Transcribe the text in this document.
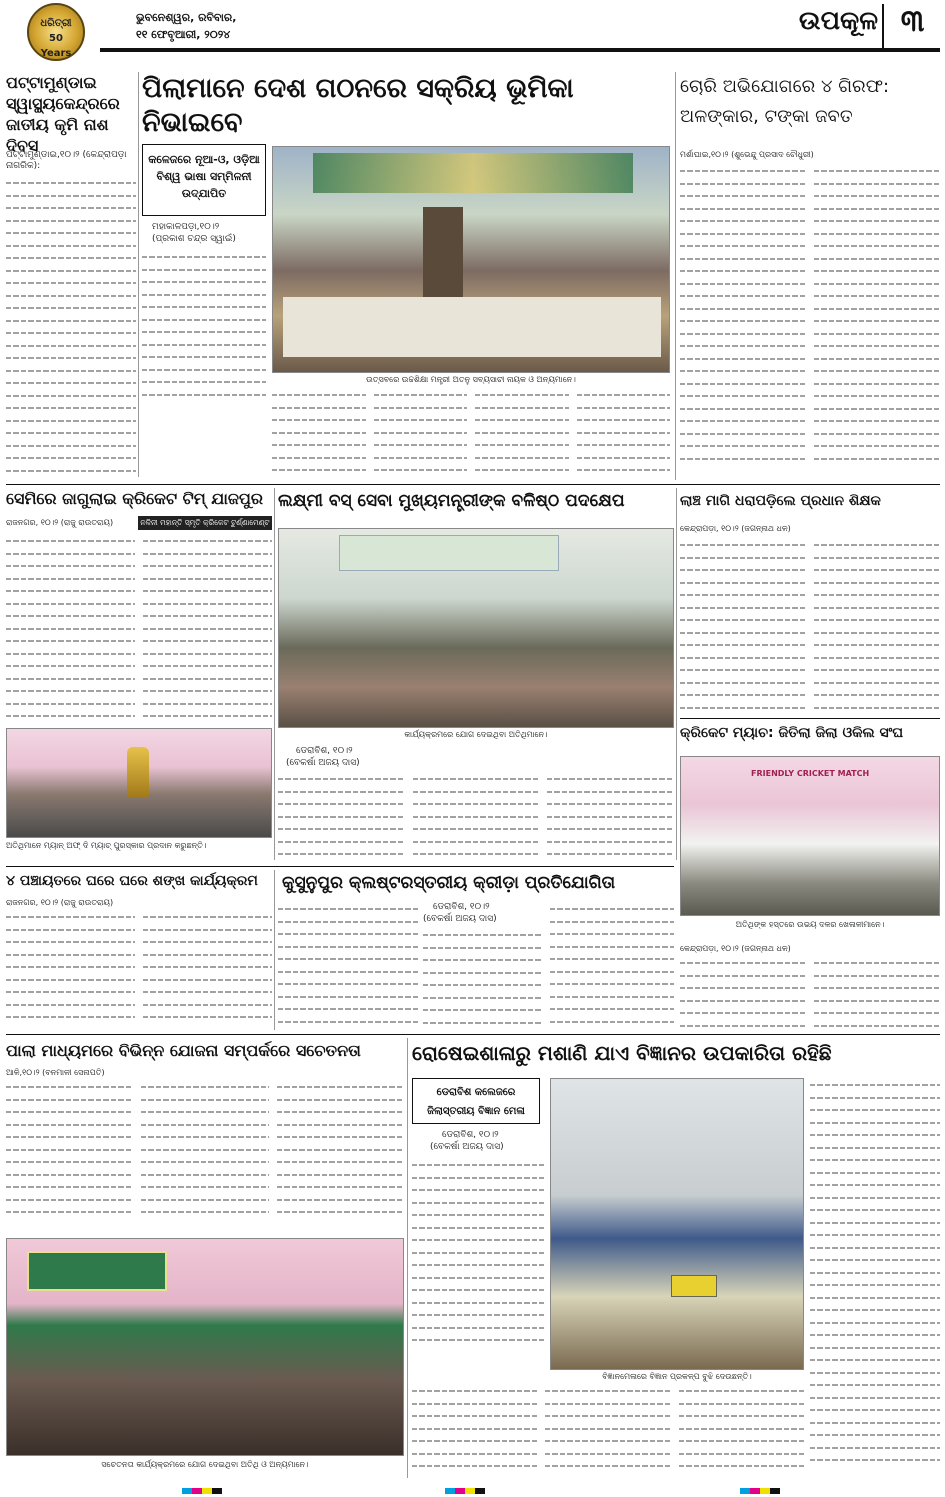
ଧରିତ୍ରୀ 50 Years
ଭୁବନେଶ୍ୱର, ରବିବାର,
୧୧ ଫେବୃଆରୀ, ୨୦୨୪	ଉପକୂଳ ୩
ପଟ୍ଟାମୁଣ୍ଡାଇ ସ୍ୱାସ୍ଥ୍ୟକେନ୍ଦ୍ରରେ ଜାତୀୟ କୃମି ନାଶ ଦିବସ
ପଟ୍ଟାମୁଣ୍ଡାଇ,୧୦।୨ (କେନ୍ଦ୍ରାପଡ଼ା ନାଗରିକ):
ପିଲାମାନେ ଦେଶ ଗଠନରେ ସକ୍ରିୟ ଭୂମିକା ନିଭାଇବେ
କଳେଜରେ ନୂଆ-ଓ, ଓଡ଼ିଆ ବିଶ୍ୱ ଭାଷା ସମ୍ମିଳନୀ ଉଦ୍‌ଯାପିତ
ମହାକାଳପଡ଼ା,୧୦।୨
(ପ୍ରକାଶ ଚନ୍ଦ୍ର ସ୍ୱାଇଁ)
ଉତ୍ସବରେ ଉଚ୍ଚଶିକ୍ଷା ମନ୍ତ୍ରୀ ଅତନୁ ସବ୍ୟସାଚୀ ନାୟକ ଓ ଅନ୍ୟମାନେ।
ଚୋରି ଅଭିଯୋଗରେ ୪ ଗିରଫ: ଅଳଙ୍କାର, ଟଙ୍କା ଜବତ
ମର୍ଶାଘାଇ,୧୦।୨ (ଶୁଭେନ୍ଦୁ ପ୍ରସାଦ ଚୌଧୁରୀ)
ସେମିରେ ଜାଗୁଲାଇ କ୍ରିକେଟ ଟିମ୍ ଯାଜପୁର
ରାଜନଗର, ୧୦।୨ (ରାଜୁ ରାଉତରାୟ)	ନଳିନୀ ମହାନ୍ତି ସ୍ମୃତି କ୍ରିକେଟ ଟୁର୍ଣ୍ଣାମେଣ୍ଟ
ଅତିଥିମାନେ ମ୍ୟାନ୍ ଅଫ୍ ଦି ମ୍ୟାଚ୍ ପୁରସ୍କାର ପ୍ରଦାନ କରୁଛନ୍ତି।
ଲକ୍ଷ୍ମୀ ବସ୍ ସେବା ମୁଖ୍ୟମନ୍ତ୍ରୀଙ୍କ ବଳିଷ୍ଠ ପଦକ୍ଷେପ
କାର୍ଯ୍ୟକ୍ରମରେ ଯୋଗ ଦେଇଥିବା ଅତିଥିମାନେ।
ଡେରାବିଶ, ୧୦।୨
(ବେକର୍ଷା ଅଜୟ ଦାସ)
ଲାଞ୍ଚ ମାଗି ଧରାପଡ଼ିଲେ ପ୍ରଧାନ ଶିକ୍ଷକ
କେନ୍ଦ୍ରାପଡ଼ା, ୧୦।୨ (ଜଗନ୍ନାଥ ଧଳ)
କ୍ରିକେଟ ମ୍ୟାଚ: ଜିତିଲା ଜିଲା ଓକିଲ ସଂଘ
FRIENDLY CRICKET MATCH
ଅତିଥିଙ୍କ ହସ୍ତରେ ଉଭୟ ଦଳର ଖେଳାଳୀମାନେ।
କେନ୍ଦ୍ରାପଡ଼ା, ୧୦।୨ (ଜଗନ୍ନାଥ ଧଳ)
୪ ପଞ୍ଚାୟତରେ ଘରେ ଘରେ ଶଙ୍ଖ କାର୍ଯ୍ୟକ୍ରମ
ରାଜନଗର, ୧୦।୨ (ରାଜୁ ରାଉତରାୟ)
କୁସୁନୁପୁର କ୍ଲଷ୍ଟରସ୍ତରୀୟ କ୍ରୀଡ଼ା ପ୍ରତିଯୋଗିତା
ଡେରାବିଶ, ୧୦।୨
(ବେକର୍ଷା ଅଜୟ ଦାସ)
ପାଲା ମାଧ୍ୟମରେ ବିଭିନ୍ନ ଯୋଜନା ସମ୍ପର୍କରେ ସଚେତନତା
ଆଳି,୧୦।୨ (ବନମାଳୀ ସେନାପତି)
ସଚେତନତା କାର୍ଯ୍ୟକ୍ରମରେ ଯୋଗ ଦେଇଥିବା ଅତିଥି ଓ ଅନ୍ୟମାନେ।
ରୋଷେଇଶାଳାରୁ ମଶାଣି ଯାଏ ବିଜ୍ଞାନର ଉପକାରିତା ରହିଛି
ଡେରାବିଶ କଲେଜରେ ଜିଲାସ୍ତରୀୟ ବିଜ୍ଞାନ ମେଳା
ଡେରାବିଶ, ୧୦।୨
(ବେକର୍ଷା ଅଜୟ ଦାସ)
ବିଜ୍ଞାନମେଳାରେ ବିଜ୍ଞାନ ପ୍ରକଳ୍ପ ବୁଝି ଦେଉଛନ୍ତି।
